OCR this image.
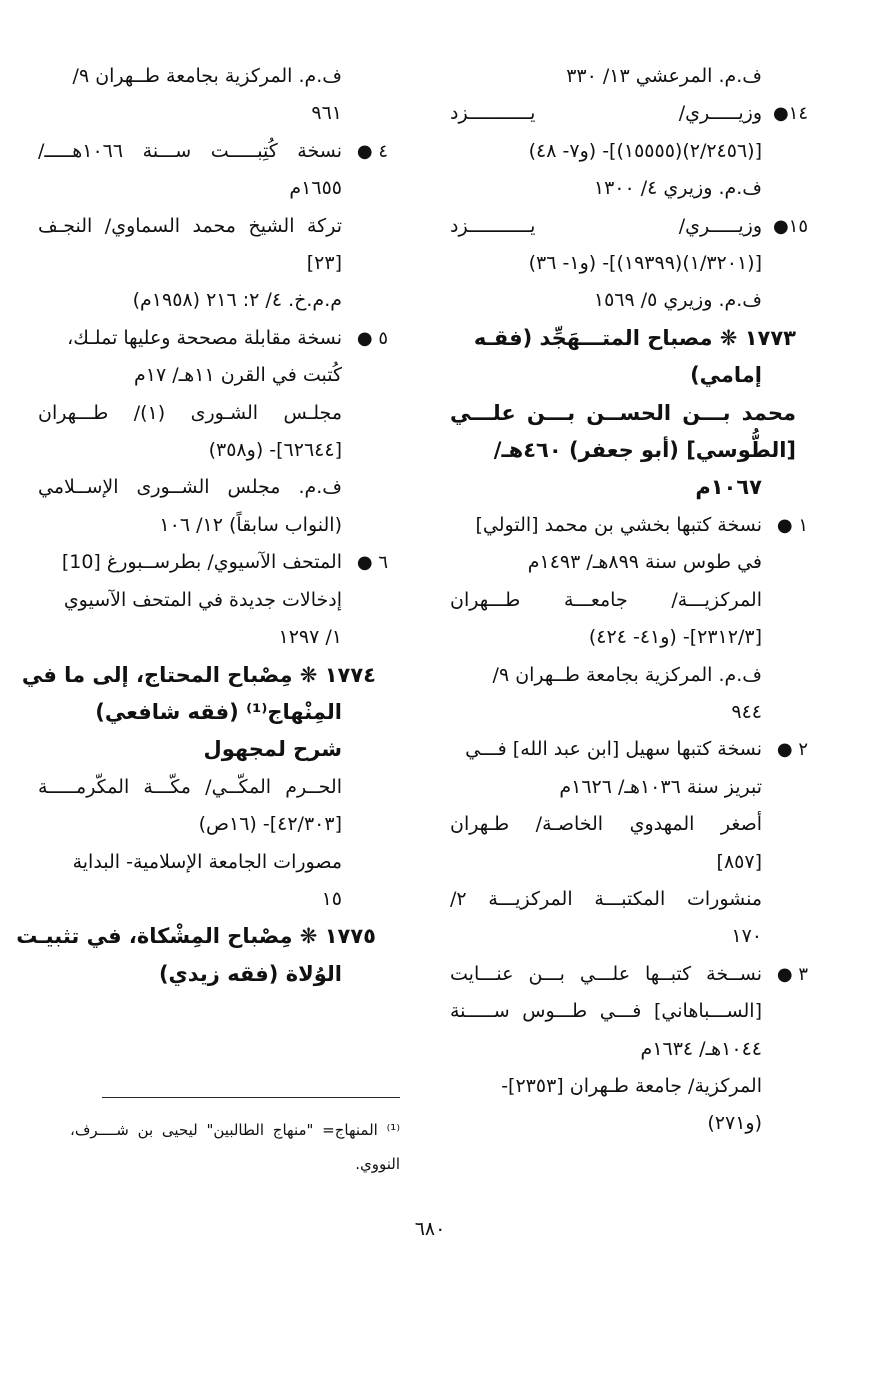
ف.م. المرعشي ١٣/ ٣٣٠
١٤●
وزيـــــري/ يـــــــــــزد
[(٢/٢٤٥٦)(١٥٥٥٥)]- (و٧- ٤٨)
ف.م. وزيري ٤/ ١٣٠٠
١٥●
وزيـــــري/ يـــــــــــزد
[(١/٣٢٠١)(١٩٣٩٩)]- (و١- ٣٦)
ف.م. وزيري ٥/ ١٥٦٩
١٧٧٣ ❋ مصباح المتـــهَجِّد (فقـه
إمامي)
محمد بـــن الحســن بـــن علـــي
[الطُّوسي] (أبو جعفر) ٤٦٠هـ/
١٠٦٧م
١ ●
نسخة كتبها بخشي بن محمد [التولي]
في طوس سنة ٨٩٩هـ/ ١٤٩٣م
المركزيـــة/ جامعـــة طـــهران
[٢٣١٢/٣]- (و٤١- ٤٢٤)
ف.م. المركزية بجامعة طــهران ٩/
٩٤٤
٢ ●
نسخة كتبها سهيل [ابن عبد الله] فـــي
تبريز سنة ١٠٣٦هـ/ ١٦٢٦م
أصغر المهدوي الخاصـة/ طـهران
[٨٥٧]
منشورات المكتبـــة المركزيـــة ٢/
١٧٠
٣ ●
نســخة كتبــها علـــي بـــن عنـــايت
[الســـباهاني] فـــي طـــوس ســـــنة
١٠٤٤هـ/ ١٦٣٤م
المركزية/ جامعة طـهران [٢٣٥٣]-
(و٢٧١)
ف.م. المركزية بجامعة طــهران ٩/
٩٦١
٤ ●
نسخة كُتِبـــــت ســـنة ١٠٦٦هـــــ/
١٦٥٥م
تركة الشيخ محمد السماوي/ النجـف
[٢٣]
م.م.خ. ٤/ ٢: ٢١٦ (١٩٥٨م)
٥ ●
نسخة مقابلة مصححة وعليها تملـك،
كُتبت في القرن ١١هـ/ ١٧م
مجلـس الشـورى (١)/ طـــهران
[٦٢٦٤٤]- (و٣٥٨)
ف.م. مجلس الشــورى الإســلامي
(النواب سابقاً) ١٢/ ١٠٦
٦ ●
المتحف الآسيوي/ بطرســبورغ [10]
إدخالات جديدة في المتحف الآسيوي
١/ ١٢٩٧
١٧٧٤ ❋ مِصْباح المحتاج، إلى ما في
المِنْهاج⁽¹⁾ (فقه شافعي)
شرح لمجهول
الحــرم المكّــي/ مكّـــة المكّرمـــــة
[٤٢/٣٠٣]- (١٦ص)
مصورات الجامعة الإسلامية- البداية
١٥
١٧٧٥ ❋ مِصْباح المِشْكاة، في تثبيـت
الوُلاة (فقه زيدي)
⁽¹⁾ المنهاج= "منهاج الطالبين" ليحيى بن شــــرف،
النووي.
٦٨٠
